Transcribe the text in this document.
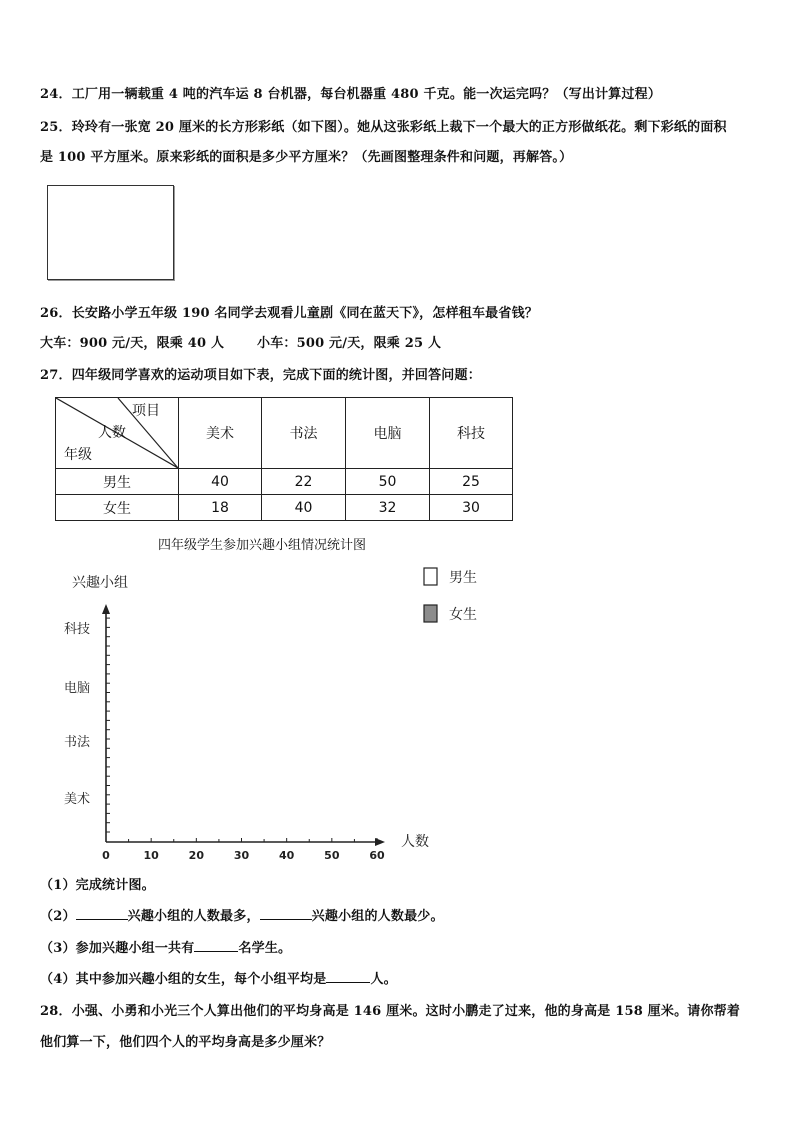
24．工厂用一辆载重 4 吨的汽车运 8 台机器，每台机器重 480 千克。能一次运完吗？（写出计算过程）
25．玲玲有一张宽 20 厘米的长方形彩纸（如下图）。她从这张彩纸上裁下一个最大的正方形做纸花。剩下彩纸的面积
是 100 平方厘米。原来彩纸的面积是多少平方厘米？（先画图整理条件和问题，再解答。）
26．长安路小学五年级 190 名同学去观看儿童剧《同在蓝天下》，怎样租车最省钱？
大车：900 元/天，限乘 40 人	小车：500 元/天，限乘 25 人
27．四年级同学喜欢的运动项目如下表，完成下面的统计图，并回答问题：
项目
人数
年级	美术	书法	电脑	科技
男生	40	22	50	25
女生	18	40	32	30
四年级学生参加兴趣小组情况统计图
0	10	20	30	40	50	60
美术
书法
电脑
科技
兴趣小组
人数
男生
女生
（1）完成统计图。
（2）	兴趣小组的人数最多，	兴趣小组的人数最少。
（3）参加兴趣小组一共有	名学生。
（4）其中参加兴趣小组的女生，每个小组平均是	人。
28．小强、小勇和小光三个人算出他们的平均身高是 146 厘米。这时小鹏走了过来，他的身高是 158 厘米。请你帮着
他们算一下，他们四个人的平均身高是多少厘米？
